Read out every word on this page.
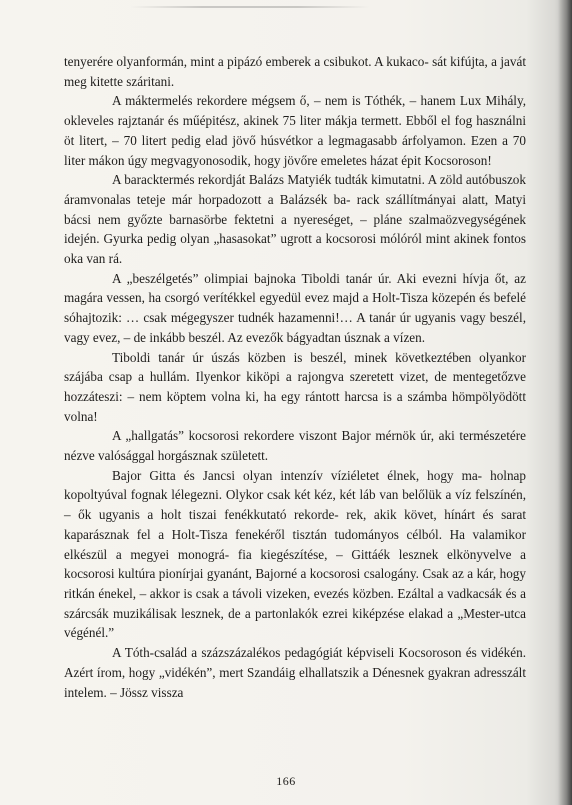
tenyerére olyanformán, mint a pipázó emberek a csibukot. A kukaco- sát kifújta, a javát meg kitette száritani.

A máktermelés rekordere mégsem ő, – nem is Tóthék, – hanem Lux Mihály, okleveles rajztanár és műépitész, akinek 75 liter mákja termett. Ebből el fog használni öt litert, – 70 litert pedig elad jövő húsvétkor a legmagasabb árfolyamon. Ezen a 70 liter mákon úgy megvagyonosodik, hogy jövőre emeletes házat épit Kocsoroson!

A baracktermés rekordját Balázs Matyiék tudták kimutatni. A zöld autóbuszok áramvonalas teteje már horpadozott a Balázsék ba- rack szállítmányai alatt, Matyi bácsi nem győzte barnasörbe fektetni a nyereséget, – pláne szalmaözvegységének idején. Gyurka pedig olyan „hasasokat” ugrott a kocsorosi mólóról mint akinek fontos oka van rá.

A „beszélgetés” olimpiai bajnoka Tiboldi tanár úr. Aki evezni hívja őt, az magára vessen, ha csorgó verítékkel egyedül evez majd a Holt-Tisza közepén és befelé sóhajtozik: … csak mégegyszer tudnék hazamenni!… A tanár úr ugyanis vagy beszél, vagy evez, – de inkább beszél. Az evezők bágyadtan úsznak a vízen.

Tiboldi tanár úr úszás közben is beszél, minek következtében olyankor szájába csap a hullám. Ilyenkor kiköpi a rajongva szeretett vizet, de mentegetőzve hozzáteszi: – nem köptem volna ki, ha egy rántott harcsa is a számba hömpölyödött volna!

A „hallgatás” kocsorosi rekordere viszont Bajor mérnök úr, aki természetére nézve valósággal horgásznak született.

Bajor Gitta és Jancsi olyan intenzív víziéletet élnek, hogy ma- holnap kopoltyúval fognak lélegezni. Olykor csak két kéz, két láb van belőlük a víz felszínén, – ők ugyanis a holt tiszai fenékkutató rekorde- rek, akik követ, hínárt és sarat kaparásznak fel a Holt-Tisza fenekéről tisztán tudományos célból. Ha valamikor elkészül a megyei monográ- fia kiegészítése, – Gittáék lesznek elkönyvelve a kocsorosi kultúra pionírjai gyanánt, Bajorné a kocsorosi csalogány. Csak az a kár, hogy ritkán énekel, – akkor is csak a távoli vizeken, evezés közben. Ezáltal a vadkacsák és a szárcsák muzikálisak lesznek, de a partonlakók ezrei kiképzése elakad a „Mester-utca végénél.”

A Tóth-család a százszázalékos pedagógiát képviseli Kocsoroson és vidékén. Azért írom, hogy „vidékén”, mert Szandáig elhallatszik a Dénesnek gyakran adresszált intelem. – Jössz vissza

166
